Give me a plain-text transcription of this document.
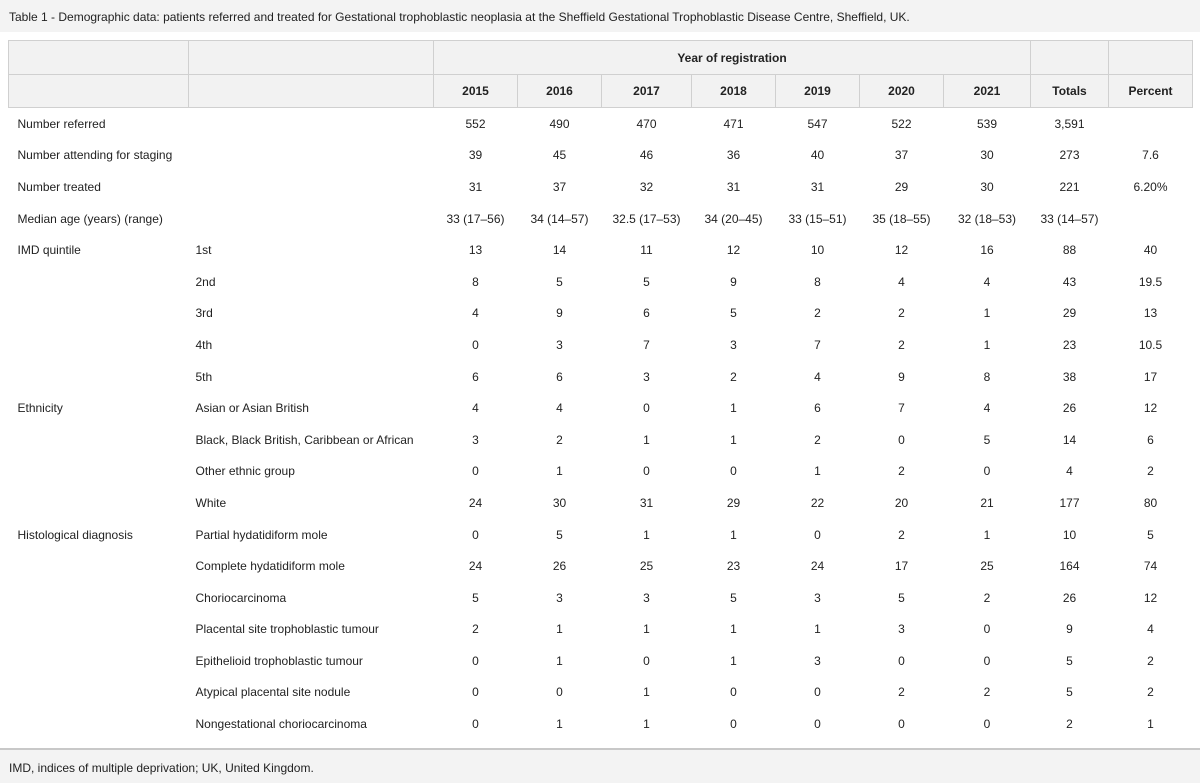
Table 1 - Demographic data: patients referred and treated for Gestational trophoblastic neoplasia at the Sheffield Gestational Trophoblastic Disease Centre, Sheffield, UK.
		Year of registration								
		2015	2016	2017	2018	2019	2020	2021	Totals	Percent
Number referred		552	490	470	471	547	522	539	3,591	
Number attending for staging		39	45	46	36	40	37	30	273	7.6
Number treated		31	37	32	31	31	29	30	221	6.20%
Median age (years) (range)		33 (17–56)	34 (14–57)	32.5 (17–53)	34 (20–45)	33 (15–51)	35 (18–55)	32 (18–53)	33 (14–57)	
IMD quintile	1st	13	14	11	12	10	12	16	88	40
	2nd	8	5	5	9	8	4	4	43	19.5
	3rd	4	9	6	5	2	2	1	29	13
	4th	0	3	7	3	7	2	1	23	10.5
	5th	6	6	3	2	4	9	8	38	17
Ethnicity	Asian or Asian British	4	4	0	1	6	7	4	26	12
	Black, Black British, Caribbean or African	3	2	1	1	2	0	5	14	6
	Other ethnic group	0	1	0	0	1	2	0	4	2
	White	24	30	31	29	22	20	21	177	80
Histological diagnosis	Partial hydatidiform mole	0	5	1	1	0	2	1	10	5
	Complete hydatidiform mole	24	26	25	23	24	17	25	164	74
	Choriocarcinoma	5	3	3	5	3	5	2	26	12
	Placental site trophoblastic tumour	2	1	1	1	1	3	0	9	4
	Epithelioid trophoblastic tumour	0	1	0	1	3	0	0	5	2
	Atypical placental site nodule	0	0	1	0	0	2	2	5	2
	Nongestational choriocarcinoma	0	1	1	0	0	0	0	2	1
IMD, indices of multiple deprivation; UK, United Kingdom.
